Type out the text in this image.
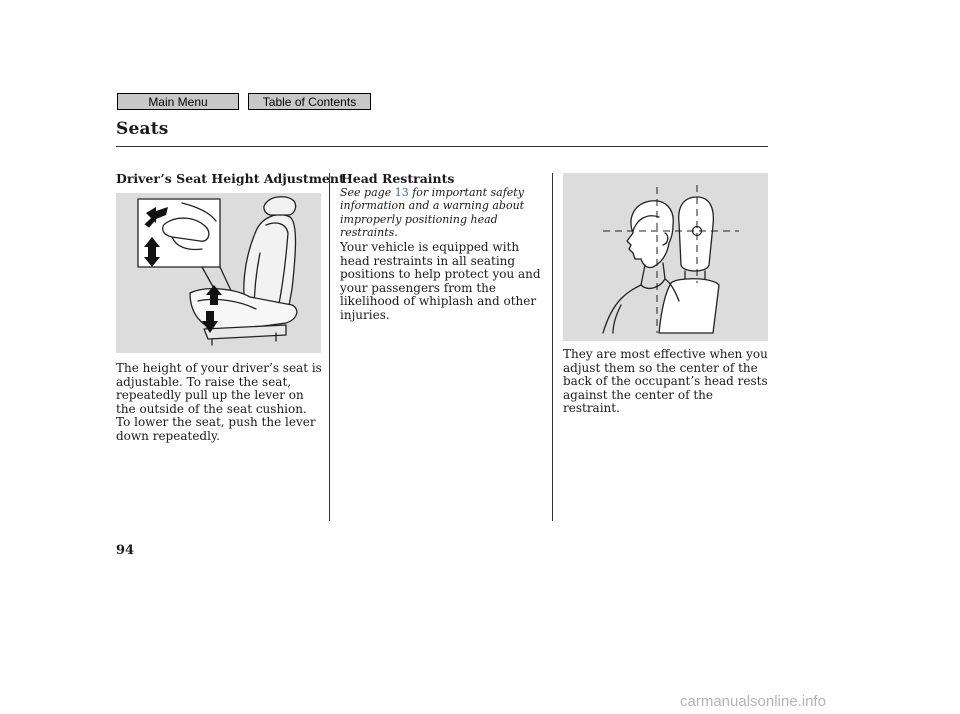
Main Menu	Table of Contents
Seats
Driver’s Seat Height Adjustment

The height of your driver’s seat is adjustable. To raise the seat, repeatedly pull up the lever on the outside of the seat cushion. To lower the seat, push the lever down repeatedly.

Head Restraints

See page 13 for important safety information and a warning about improperly positioning head restraints.

Your vehicle is equipped with head restraints in all seating positions to help protect you and your passengers from the likelihood of whiplash and other injuries.

They are most effective when you adjust them so the center of the back of the occupant’s head rests against the center of the restraint.

94
carmanualsonline.info
